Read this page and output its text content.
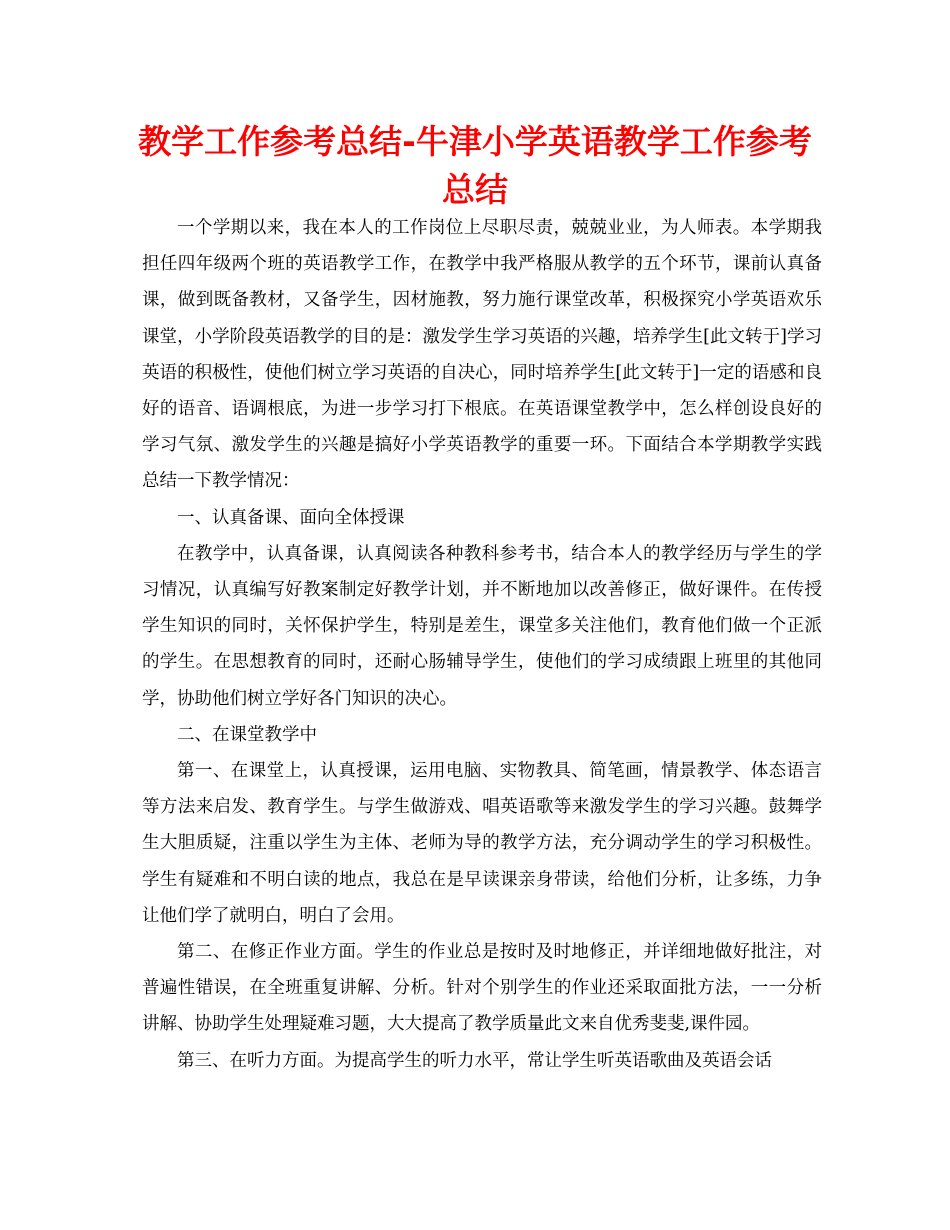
教学工作参考总结-牛津小学英语教学工作参考总结

一个学期以来，我在本人的工作岗位上尽职尽责，兢兢业业，为人师表。本学期我担任四年级两个班的英语教学工作，在教学中我严格服从教学的五个环节，课前认真备课，做到既备教材，又备学生，因材施教，努力施行课堂改革，积极探究小学英语欢乐课堂，小学阶段英语教学的目的是：激发学生学习英语的兴趣，培养学生[此文转于]学习英语的积极性，使他们树立学习英语的自决心，同时培养学生[此文转于]一定的语感和良好的语音、语调根底，为进一步学习打下根底。在英语课堂教学中，怎么样创设良好的学习气氛、激发学生的兴趣是搞好小学英语教学的重要一环。下面结合本学期教学实践总结一下教学情况：

一、认真备课、面向全体授课

在教学中，认真备课，认真阅读各种教科参考书，结合本人的教学经历与学生的学习情况，认真编写好教案制定好教学计划，并不断地加以改善修正，做好课件。在传授学生知识的同时，关怀保护学生，特别是差生，课堂多关注他们，教育他们做一个正派的学生。在思想教育的同时，还耐心肠辅导学生，使他们的学习成绩跟上班里的其他同学，协助他们树立学好各门知识的决心。

二、在课堂教学中

第一、在课堂上，认真授课，运用电脑、实物教具、简笔画，情景教学、体态语言等方法来启发、教育学生。与学生做游戏、唱英语歌等来激发学生的学习兴趣。鼓舞学生大胆质疑，注重以学生为主体、老师为导的教学方法，充分调动学生的学习积极性。学生有疑难和不明白读的地点，我总在是早读课亲身带读，给他们分析，让多练，力争让他们学了就明白，明白了会用。

第二、在修正作业方面。学生的作业总是按时及时地修正，并详细地做好批注，对普遍性错误，在全班重复讲解、分析。针对个别学生的作业还采取面批方法，一一分析讲解、协助学生处理疑难习题，大大提高了教学质量此文来自优秀斐斐,课件园。

第三、在听力方面。为提高学生的听力水平，常让学生听英语歌曲及英语会话
